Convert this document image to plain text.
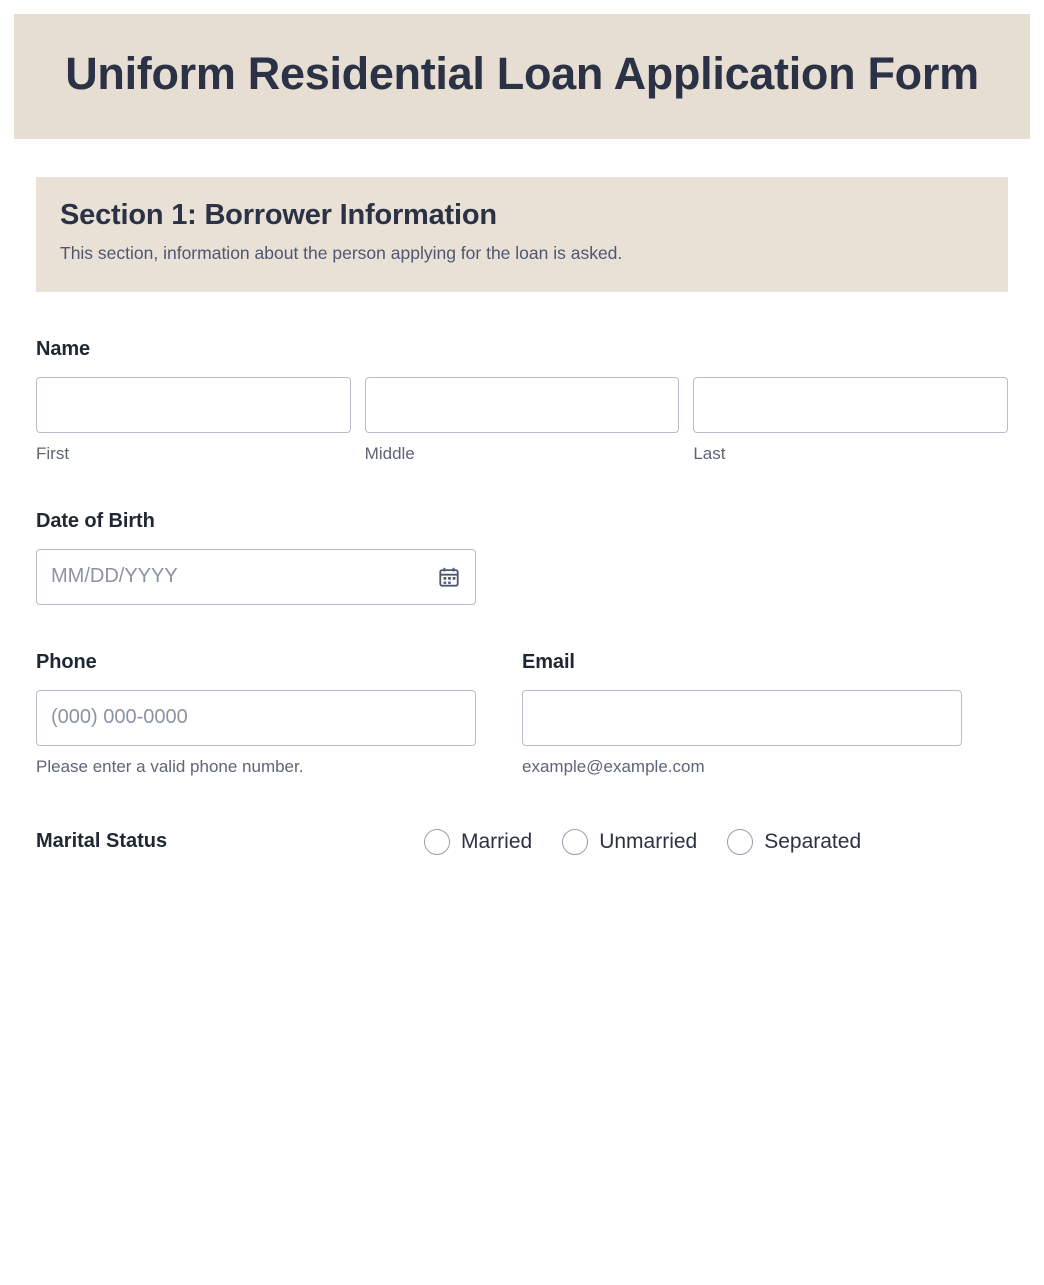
Uniform Residential Loan Application Form
Section 1: Borrower Information

This section, information about the person applying for the loan is asked.

Name
First	Middle	Last
Date of Birth
MM/DD/YYYY
Phone
(000) 000-0000
Please enter a valid phone number.
Email
example@example.com
Marital Status	Married	Unmarried	Separated
